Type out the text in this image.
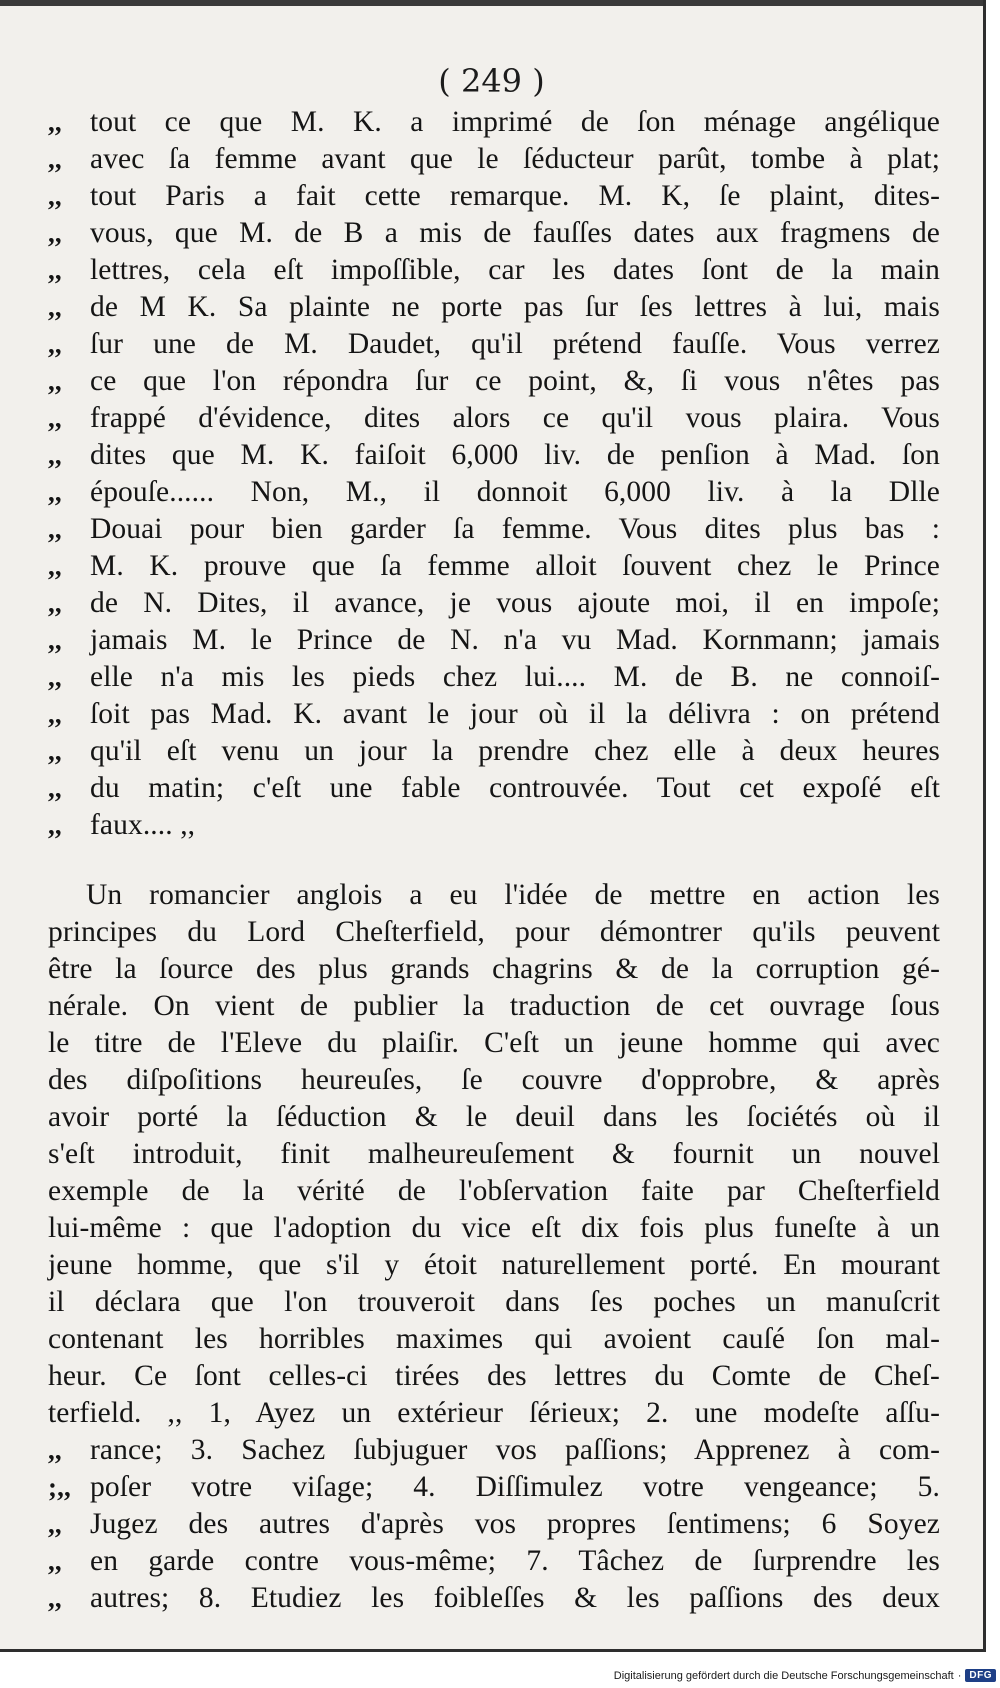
( 249 )
,, tout ce que M. K. a imprimé de ſon ménage angélique
,, avec ſa femme avant que le ſéducteur parût, tombe à plat;
,, tout Paris a fait cette remarque. M. K, ſe plaint, dites-
,, vous, que M. de B a mis de fauſſes dates aux fragmens de
,, lettres, cela eſt impoſſible, car les dates ſont de la main
,, de M K. Sa plainte ne porte pas ſur ſes lettres à lui, mais
,, ſur une de M. Daudet, qu'il prétend fauſſe. Vous verrez
,, ce que l'on répondra ſur ce point, &, ſi vous n'êtes pas
,, frappé d'évidence, dites alors ce qu'il vous plaira. Vous
,, dites que M. K. faiſoit 6,000 liv. de penſion à Mad. ſon
,, épouſe...... Non, M., il donnoit 6,000 liv. à la Dlle
,, Douai pour bien garder ſa femme. Vous dites plus bas :
,, M. K. prouve que ſa femme alloit ſouvent chez le Prince
,, de N. Dites, il avance, je vous ajoute moi, il en impoſe;
,, jamais M. le Prince de N. n'a vu Mad. Kornmann; jamais
,, elle n'a mis les pieds chez lui.... M. de B. ne connoiſ-
,, ſoit pas Mad. K. avant le jour où il la délivra : on prétend
,, qu'il eſt venu un jour la prendre chez elle à deux heures
,, du matin; c'eſt une fable controuvée. Tout cet expoſé eſt
,, faux.... ,,
Un romancier anglois a eu l'idée de mettre en action les
principes du Lord Cheſterfield, pour démontrer qu'ils peuvent
être la ſource des plus grands chagrins & de la corruption gé-
nérale. On vient de publier la traduction de cet ouvrage ſous
le titre de l'Eleve du plaiſir. C'eſt un jeune homme qui avec
des diſpoſitions heureuſes, ſe couvre d'opprobre, & après
avoir porté la ſéduction & le deuil dans les ſociétés où il
s'eſt introduit, finit malheureuſement & fournit un nouvel
exemple de la vérité de l'obſervation faite par Cheſterfield
lui-même : que l'adoption du vice eſt dix fois plus funeſte à un
jeune homme, que s'il y étoit naturellement porté. En mourant
il déclara que l'on trouveroit dans ſes poches un manuſcrit
contenant les horribles maximes qui avoient cauſé ſon mal-
heur. Ce ſont celles-ci tirées des lettres du Comte de Cheſ-
terfield. ,, 1, Ayez un extérieur ſérieux; 2. une modeſte aſſu-
,, rance; 3. Sachez ſubjuguer vos paſſions; Apprenez à com-
;,, poſer votre viſage; 4. Diſſimulez votre vengeance; 5.
,, Jugez des autres d'après vos propres ſentimens; 6 Soyez
,, en garde contre vous-même; 7. Tâchez de ſurprendre les
,, autres; 8. Etudiez les foibleſſes & les paſſions des deux
Digitalisierung gefördert durch die Deutsche Forschungsgemeinschaft · DFG
